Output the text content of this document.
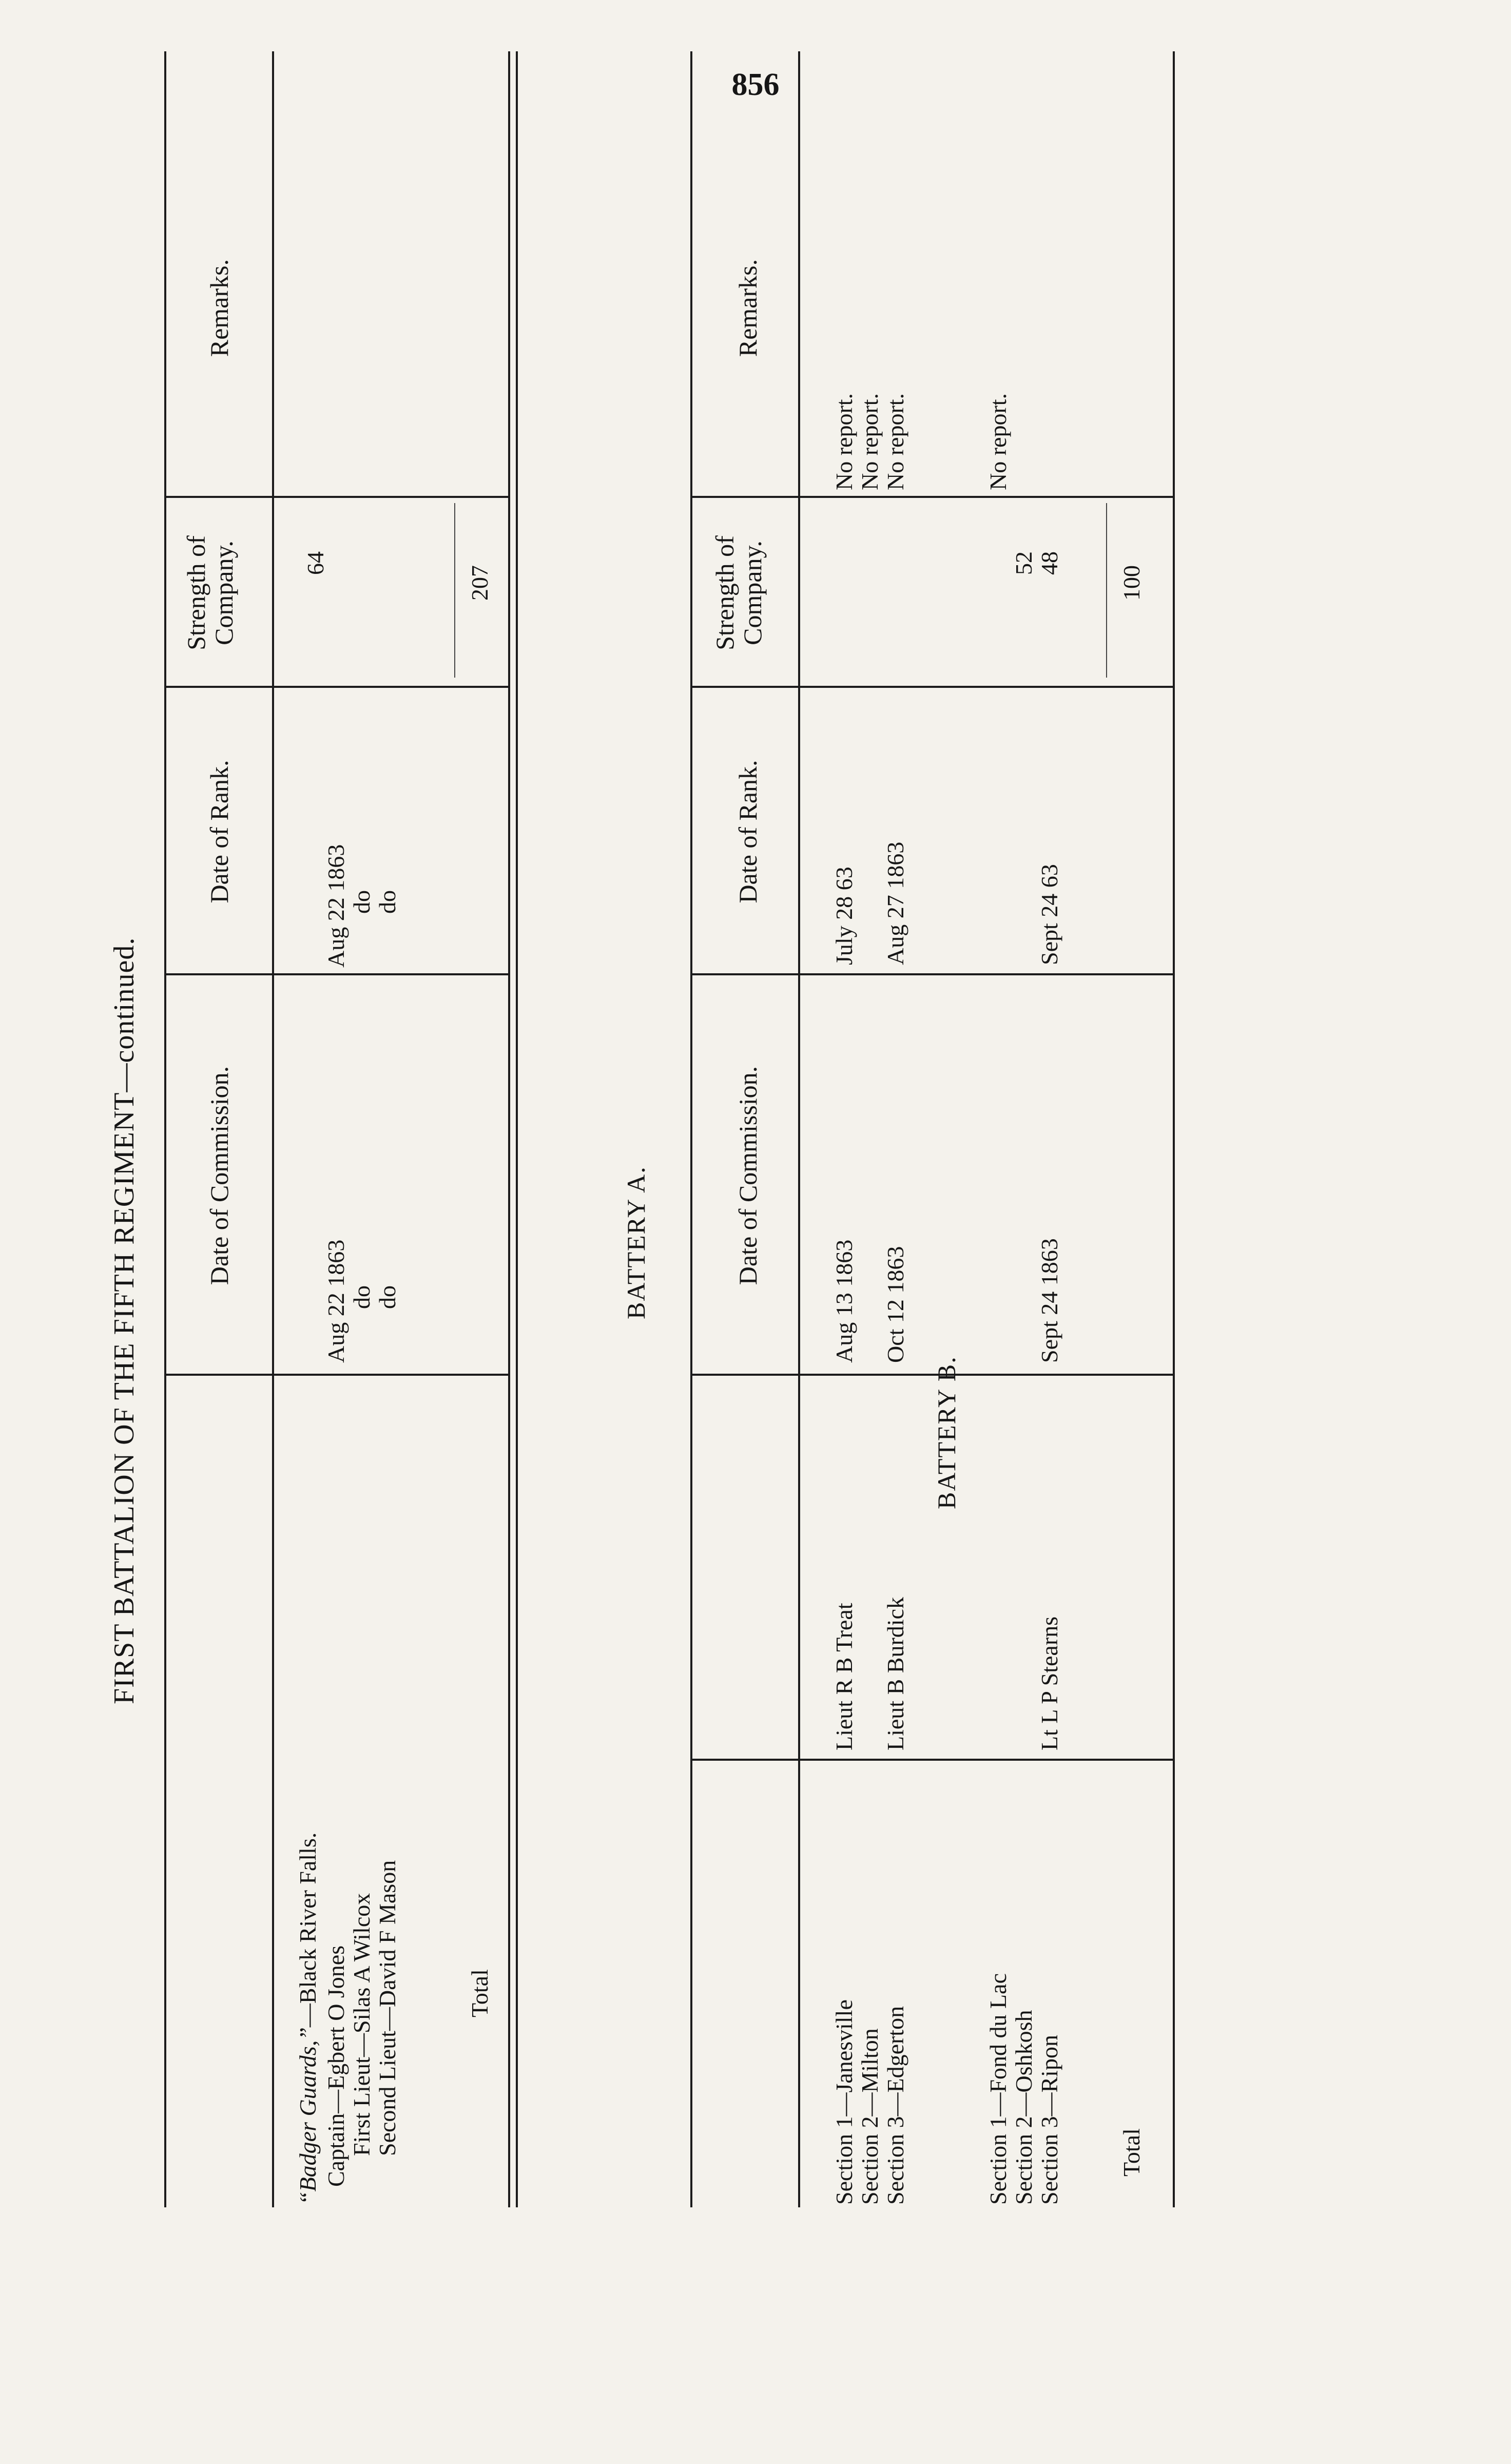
856
FIRST BATTALION OF THE FIFTH REGIMENT—continued.	Date of Commission.
Date of Rank.
Strength of Company.
Remarks.
“Badger Guards,”—Black River Falls.
Captain—Egbert O Jones
Aug 22 1863
Aug 22 1863
64
First Lieut—Silas A Wilcox
do
do
Second Lieut—David F Mason
do
do
Total
207
BATTERY A.	Date of Commission.
Date of Rank.
Strength of Company.
Remarks.
Section 1—Janesville
Lieut R B Treat
Aug 13 1863
July 28 63
No report.
Section 2—Milton
No report.
Section 3—Edgerton
Lieut B Burdick
Oct 12 1863
Aug 27 1863
No report.
BATTERY B.
Section 1—Fond du Lac
No report.
Section 2—Oshkosh
52
Section 3—Ripon
Lt L P Stearns
Sept 24 1863
Sept 24 63
48
Total
100
